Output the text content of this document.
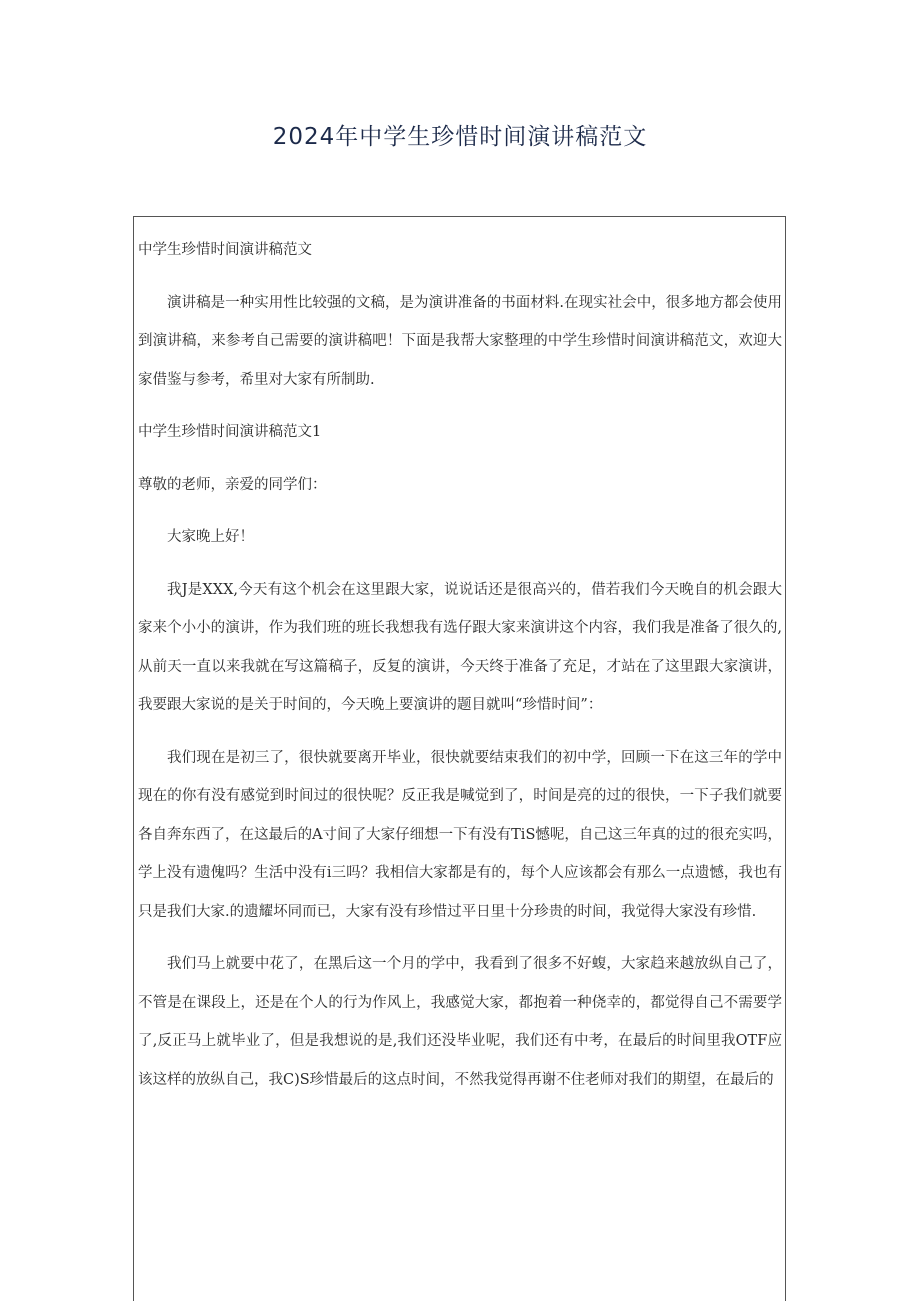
2024年中学生珍惜时间演讲稿范文

中学生珍惜时间演讲稿范文

演讲稿是一种实用性比较强的文稿，是为演讲准备的书面材料.在现实社会中，很多地方都会使用到演讲稿，来参考自己需要的演讲稿吧！下面是我帮大家整理的中学生珍惜时间演讲稿范文，欢迎大家借鉴与参考，希里对大家有所制助.

中学生珍惜时间演讲稿范文1

尊敬的老师，亲爱的同学们：

大家晚上好！

我J是XXX,今天有这个机会在这里跟大家，说说话还是很高兴的，借若我们今天晚自的机会跟大家来个小小的演讲，作为我们班的班长我想我有选仔跟大家来演讲这个内容，我们我是准备了很久的,从前天一直以来我就在写这篇稿子，反复的演讲，今天终于准备了充足，才站在了这里跟大家演讲，我要跟大家说的是关于时间的，今天晚上要演讲的题目就叫“珍惜时间”：

我们现在是初三了，很快就要离开毕业，很快就要结束我们的初中学，回顾一下在这三年的学中现在的你有没有感觉到时间过的很快呢？反正我是喊觉到了，时间是亮的过的很快，一下子我们就要各自奔东西了，在这最后的A寸间了大家仔细想一下有没有TiS憾呢，自己这三年真的过的很充实吗，学上没有遗傀吗？生活中没有i三吗？我相信大家都是有的，每个人应该都会有那么一点遗憾，我也有只是我们大家.的遗耀坏同而已，大家有没有珍惜过平日里十分珍贵的时间，我觉得大家没有珍惜.

我们马上就要中花了，在黑后这一个月的学中，我看到了很多不好蝮，大家趋来越放纵自己了，不管是在课段上，还是在个人的行为作风上，我感觉大家，都抱着一种侥幸的，都觉得自己不需要学了,反正马上就毕业了，但是我想说的是,我们还没毕业呢，我们还有中考，在最后的时间里我OTF应该这样的放纵自己，我C)S珍惜最后的这点时间，不然我觉得再谢不住老师对我们的期望，在最后的
